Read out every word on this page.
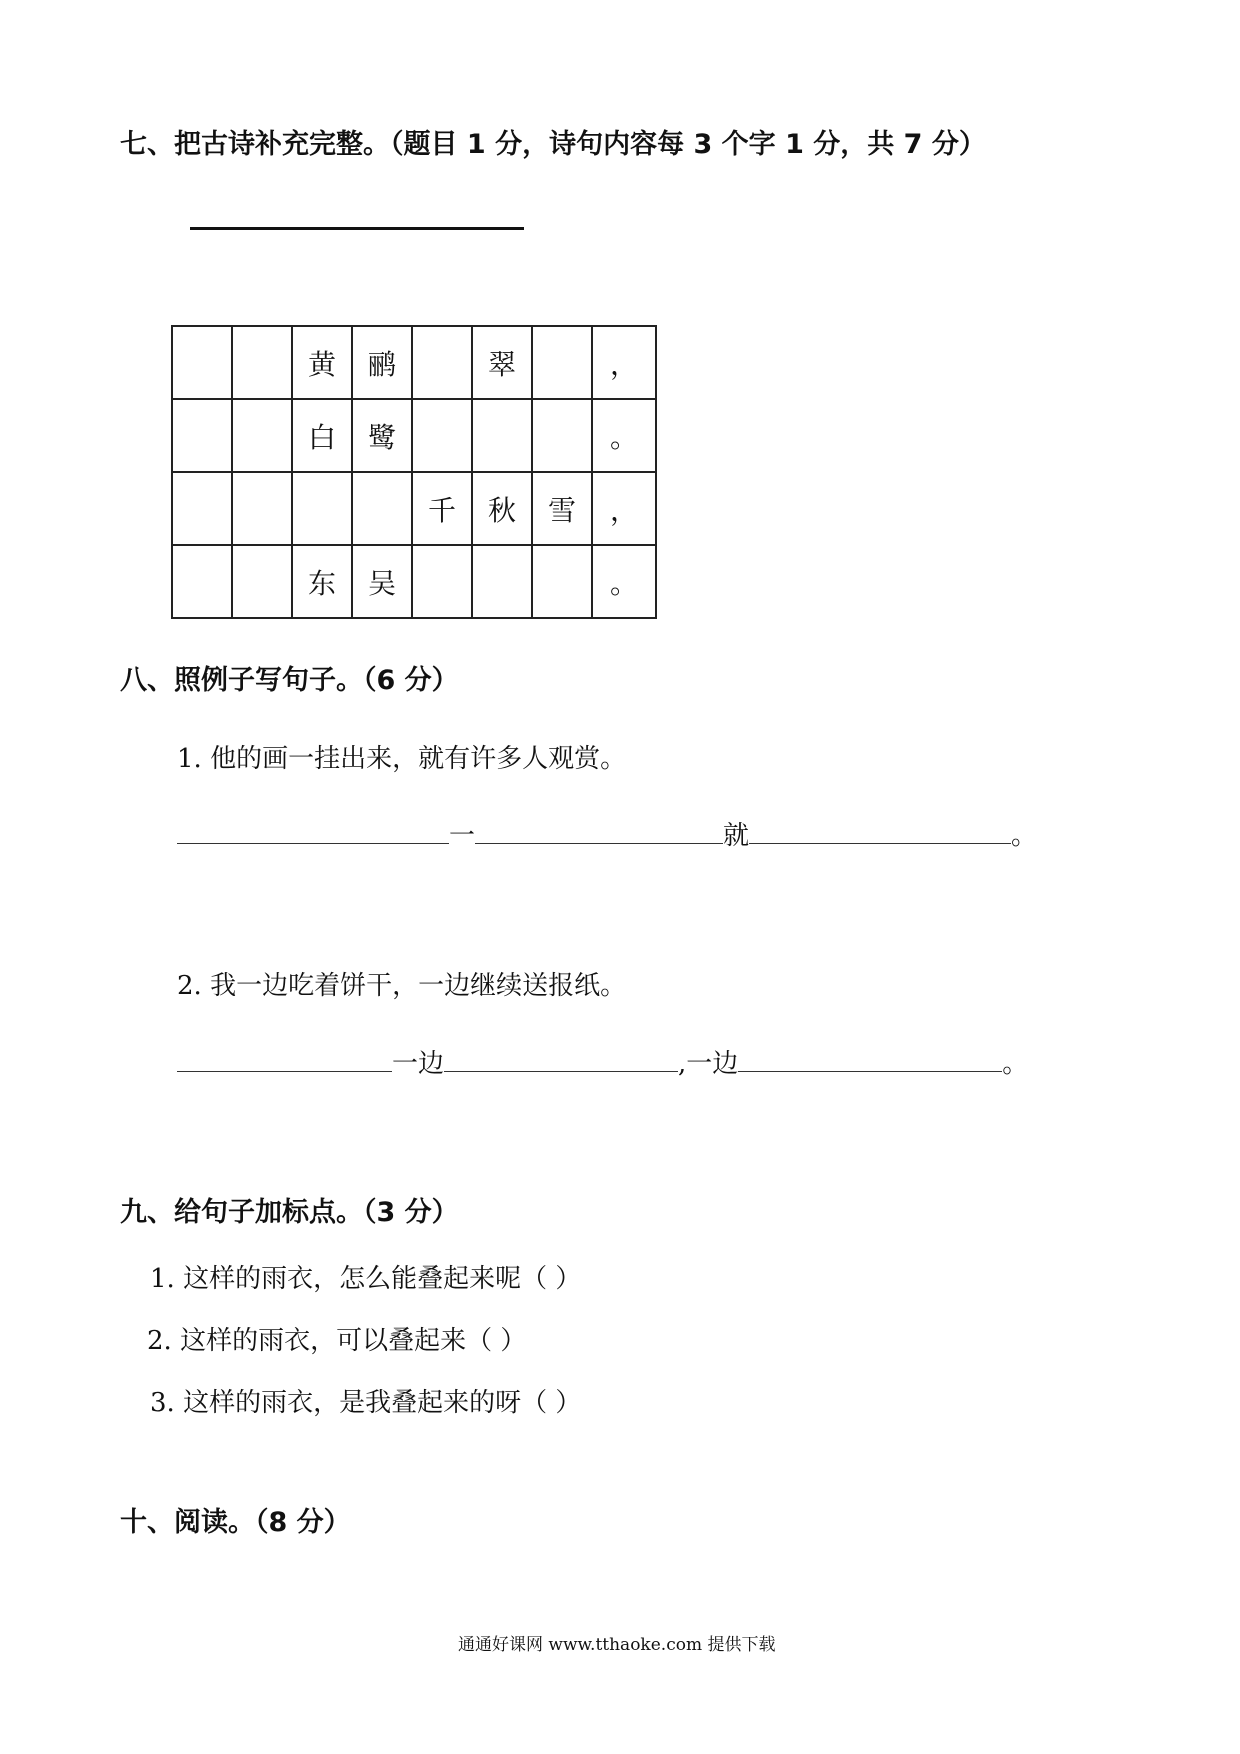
七、把古诗补充完整。（题目 1 分，诗句内容每 3 个字 1 分，共 7 分）
		黄	鹂		翠		，
		白	鹭				。
				千	秋	雪	，
		东	吴				。
八、照例子写句子。（6 分）
1. 他的画一挂出来，就有许多人观赏。
一	就	。
2. 我一边吃着饼干，一边继续送报纸。
一边	,一边	。
九、给句子加标点。（3 分）
1. 这样的雨衣，怎么能叠起来呢（ ）
2. 这样的雨衣，可以叠起来（ ）
3. 这样的雨衣，是我叠起来的呀（ ）
十、阅读。（8 分）
通通好课网 www.tthaoke.com 提供下载
